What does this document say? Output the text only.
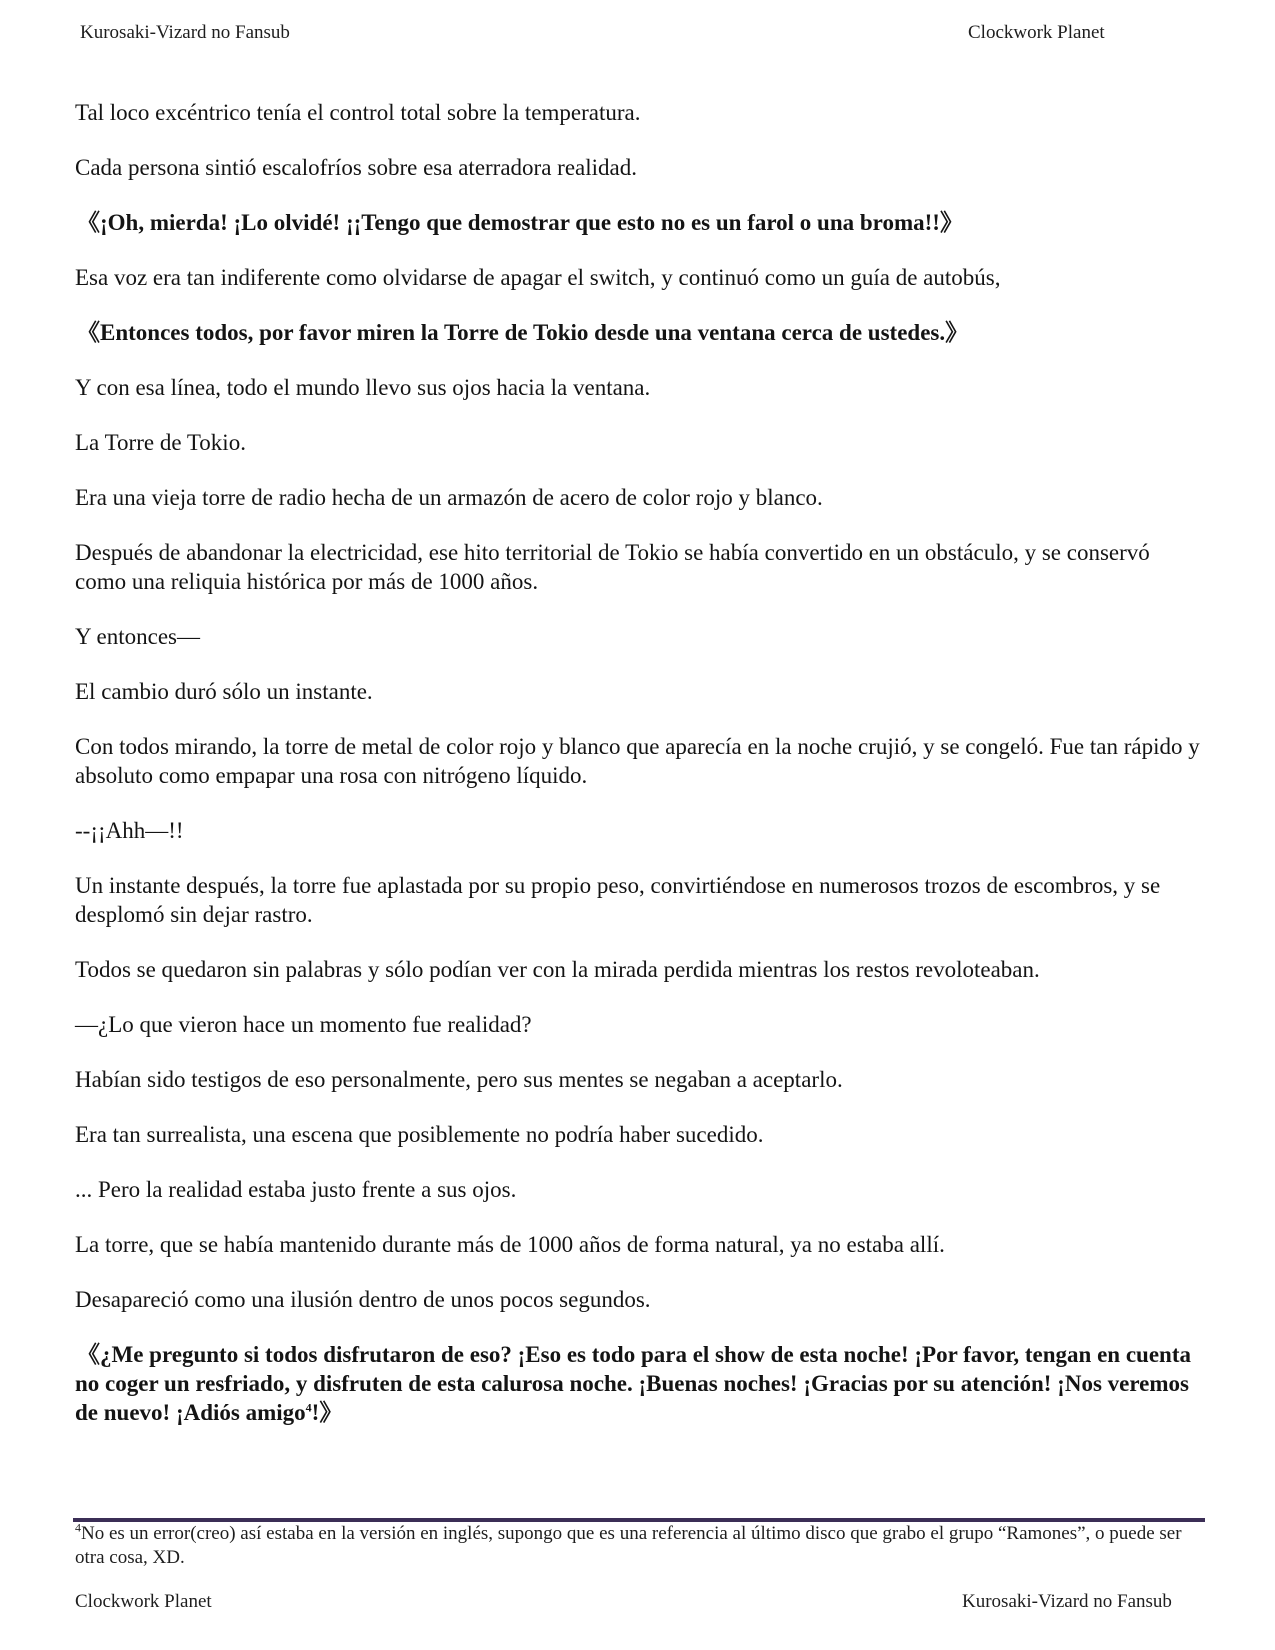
Kurosaki-Vizard no Fansub	Clockwork Planet

Tal loco excéntrico tenía el control total sobre la temperatura.

Cada persona sintió escalofríos sobre esa aterradora realidad.

《¡Oh, mierda! ¡Lo olvidé! ¡¡Tengo que demostrar que esto no es un farol o una broma!!》

Esa voz era tan indiferente como olvidarse de apagar el switch, y continuó como un guía de autobús,

《Entonces todos, por favor miren la Torre de Tokio desde una ventana cerca de ustedes.》

Y con esa línea, todo el mundo llevo sus ojos hacia la ventana.

La Torre de Tokio.

Era una vieja torre de radio hecha de un armazón de acero de color rojo y blanco.

Después de abandonar la electricidad, ese hito territorial de Tokio se había convertido en un obstáculo, y se conservó como una reliquia histórica por más de 1000 años.

Y entonces—

El cambio duró sólo un instante.

Con todos mirando, la torre de metal de color rojo y blanco que aparecía en la noche crujió, y se congeló. Fue tan rápido y absoluto como empapar una rosa con nitrógeno líquido.

--¡¡Ahh—!!

Un instante después, la torre fue aplastada por su propio peso, convirtiéndose en numerosos trozos de escombros, y se desplomó sin dejar rastro.

Todos se quedaron sin palabras y sólo podían ver con la mirada perdida mientras los restos revoloteaban.

—¿Lo que vieron hace un momento fue realidad?

Habían sido testigos de eso personalmente, pero sus mentes se negaban a aceptarlo.

Era tan surrealista, una escena que posiblemente no podría haber sucedido.

... Pero la realidad estaba justo frente a sus ojos.

La torre, que se había mantenido durante más de 1000 años de forma natural, ya no estaba allí.

Desapareció como una ilusión dentro de unos pocos segundos.

《¿Me pregunto si todos disfrutaron de eso? ¡Eso es todo para el show de esta noche! ¡Por favor, tengan en cuenta no coger un resfriado, y disfruten de esta calurosa noche. ¡Buenas noches! ¡Gracias por su atención! ¡Nos veremos de nuevo! ¡Adiós amigo$^4$!》

$^4$No es un error(creo) así estaba en la versión en inglés, supongo que es una referencia al último disco que grabo el grupo “Ramones”, o puede ser otra cosa, XD.
Clockwork Planet	Kurosaki-Vizard no Fansub
